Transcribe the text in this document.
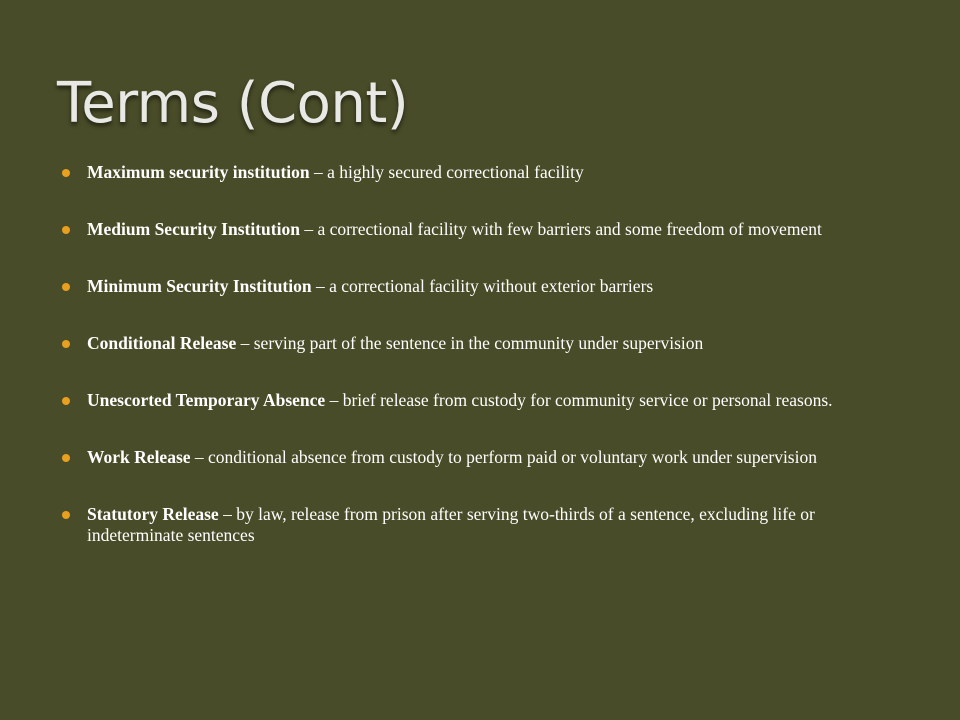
Terms (Cont)
Maximum security institution – a highly secured correctional facility
Medium Security Institution – a correctional facility with few barriers and some freedom of movement
Minimum Security Institution – a correctional facility without exterior barriers
Conditional Release – serving part of the sentence in the community under supervision
Unescorted Temporary Absence – brief release from custody for community service or personal reasons.
Work Release – conditional absence from custody to perform paid or voluntary work under supervision
Statutory Release – by law, release from prison after serving two-thirds of a sentence, excluding life or indeterminate sentences
